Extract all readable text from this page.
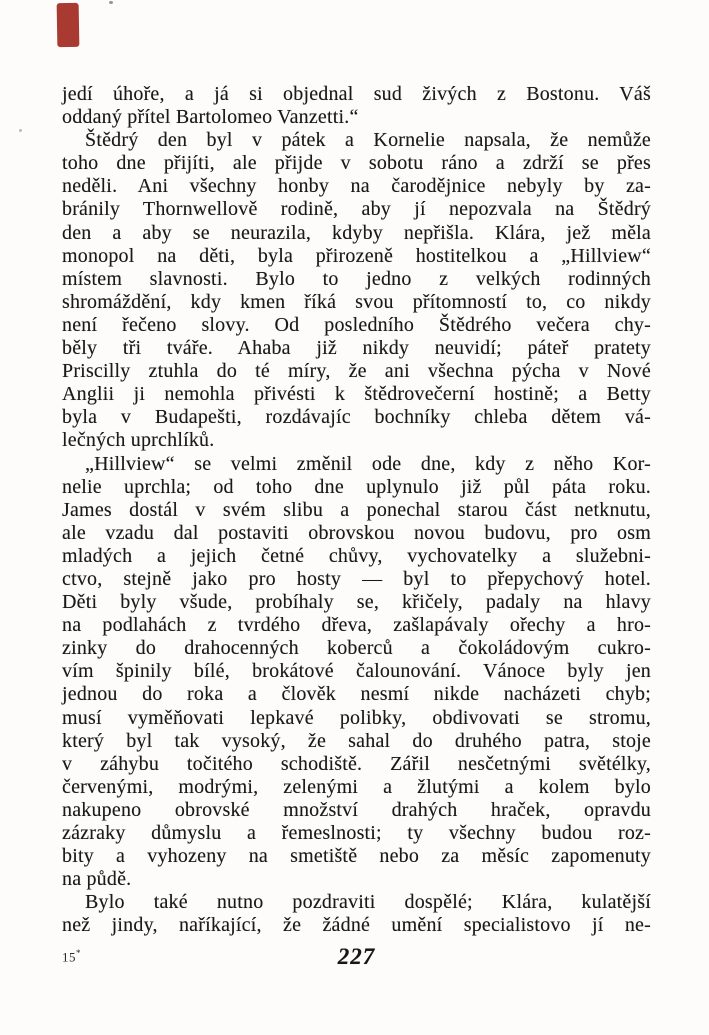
jedí úhoře, a já si objednal sud živých z Bostonu. Váš
oddaný přítel Bartolomeo Vanzetti.“
Štědrý den byl v pátek a Kornelie napsala, že nemůže
toho dne přijíti, ale přijde v sobotu ráno a zdrží se přes
neděli. Ani všechny honby na čarodějnice nebyly by za-
bránily Thornwellově rodině, aby jí nepozvala na Štědrý
den a aby se neurazila, kdyby nepřišla. Klára, jež měla
monopol na děti, byla přirozeně hostitelkou a „Hillview“
místem slavnosti. Bylo to jedno z velkých rodinných
shromáždění, kdy kmen říká svou přítomností to, co nikdy
není řečeno slovy. Od posledního Štědrého večera chy-
běly tři tváře. Ahaba již nikdy neuvidí; páteř pratety
Priscilly ztuhla do té míry, že ani všechna pýcha v Nové
Anglii ji nemohla přivésti k štědrovečerní hostině; a Betty
byla v Budapešti, rozdávajíc bochníky chleba dětem vá-
lečných uprchlíků.
„Hillview“ se velmi změnil ode dne, kdy z něho Kor-
nelie uprchla; od toho dne uplynulo již půl páta roku.
James dostál v svém slibu a ponechal starou část netknutu,
ale vzadu dal postaviti obrovskou novou budovu, pro osm
mladých a jejich četné chůvy, vychovatelky a služebni-
ctvo, stejně jako pro hosty — byl to přepychový hotel.
Děti byly všude, probíhaly se, křičely, padaly na hlavy
na podlahách z tvrdého dřeva, zašlapávaly ořechy a hro-
zinky do drahocenných koberců a čokoládovým cukro-
vím špinily bílé, brokátové čalounování. Vánoce byly jen
jednou do roka a člověk nesmí nikde nacházeti chyb;
musí vyměňovati lepkavé polibky, obdivovati se stromu,
který byl tak vysoký, že sahal do druhého patra, stoje
v záhybu točitého schodiště. Zářil nesčetnými světélky,
červenými, modrými, zelenými a žlutými a kolem bylo
nakupeno obrovské množství drahých hraček, opravdu
zázraky důmyslu a řemeslnosti; ty všechny budou roz-
bity a vyhozeny na smetiště nebo za měsíc zapomenuty
na půdě.
Bylo také nutno pozdraviti dospělé; Klára, kulatější
než jindy, naříkající, že žádné umění specialistovo jí ne-
15*	227
